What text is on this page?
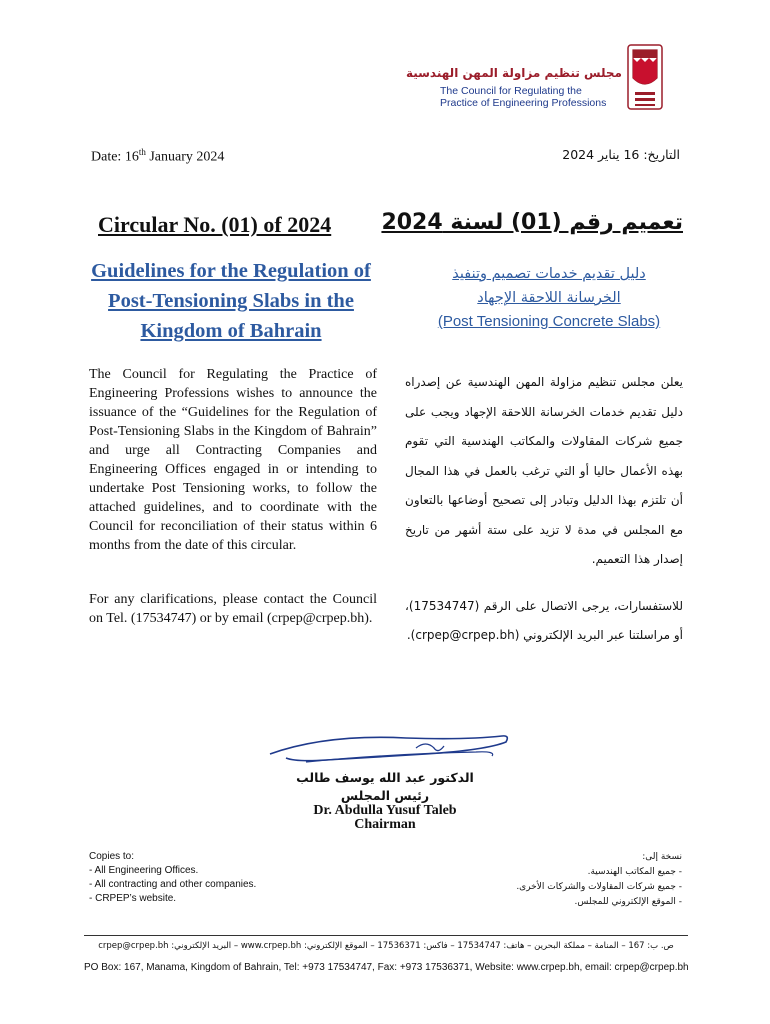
مجلس تنظيم مزاولة المهن الهندسية
The Council for Regulating the
Practice of Engineering Professions
Date: 16th January 2024	التاريخ: 16 يناير 2024
Circular No. (01) of 2024 تعميم رقم (01) لسنة 2024
Guidelines for the Regulation of Post-Tensioning Slabs in the Kingdom of Bahrain
دليل تقديم خدمات تصميم وتنفيذ
الخرسانة اللاحقة الإجهاد
(Post Tensioning Concrete Slabs)
The Council for Regulating the Practice of Engineering Professions wishes to announce the issuance of the “Guidelines for the Regulation of Post-Tensioning Slabs in the Kingdom of Bahrain” and urge all Contracting Companies and Engineering Offices engaged in or intending to undertake Post Tensioning works, to follow the attached guidelines, and to coordinate with the Council for reconciliation of their status within 6 months from the date of this circular.
يعلن مجلس تنظيم مزاولة المهن الهندسية عن إصدراه دليل تقديم خدمات الخرسانة اللاحقة الإجهاد ويجب على جميع شركات المقاولات والمكاتب الهندسية التي تقوم بهذه الأعمال حاليا أو التي ترغب بالعمل في هذا المجال أن تلتزم بهذا الدليل وتبادر إلى تصحيح أوضاعها بالتعاون مع المجلس في مدة لا تزيد على ستة أشهر من تاريخ إصدار هذا التعميم.
For any clarifications, please contact the Council on Tel. (17534747) or by email (crpep@crpep.bh).
للاستفسارات، يرجى الاتصال على الرقم (17534747)، أو مراسلتنا عبر البريد الإلكتروني (crpep@crpep.bh).
الدكتور عبد الله يوسف طالب
رئيس المجلس
Dr. Abdulla Yusuf Taleb
Chairman
Copies to:
- All Engineering Offices.
- All contracting and other companies.
- CRPEP’s website.
نسخة إلى:
- جميع المكاتب الهندسية.
- جميع شركات المقاولات والشركات الأخرى.
- الموقع الإلكتروني للمجلس.
ص. ب: 167 – المنامة – مملكة البحرين – هاتف: 17534747 – فاكس: 17536371 – الموقع الإلكتروني: www.crpep.bh – البريد الإلكتروني: crpep@crpep.bh
PO Box: 167, Manama, Kingdom of Bahrain, Tel: +973 17534747, Fax: +973 17536371, Website: www.crpep.bh, email: crpep@crpep.bh
